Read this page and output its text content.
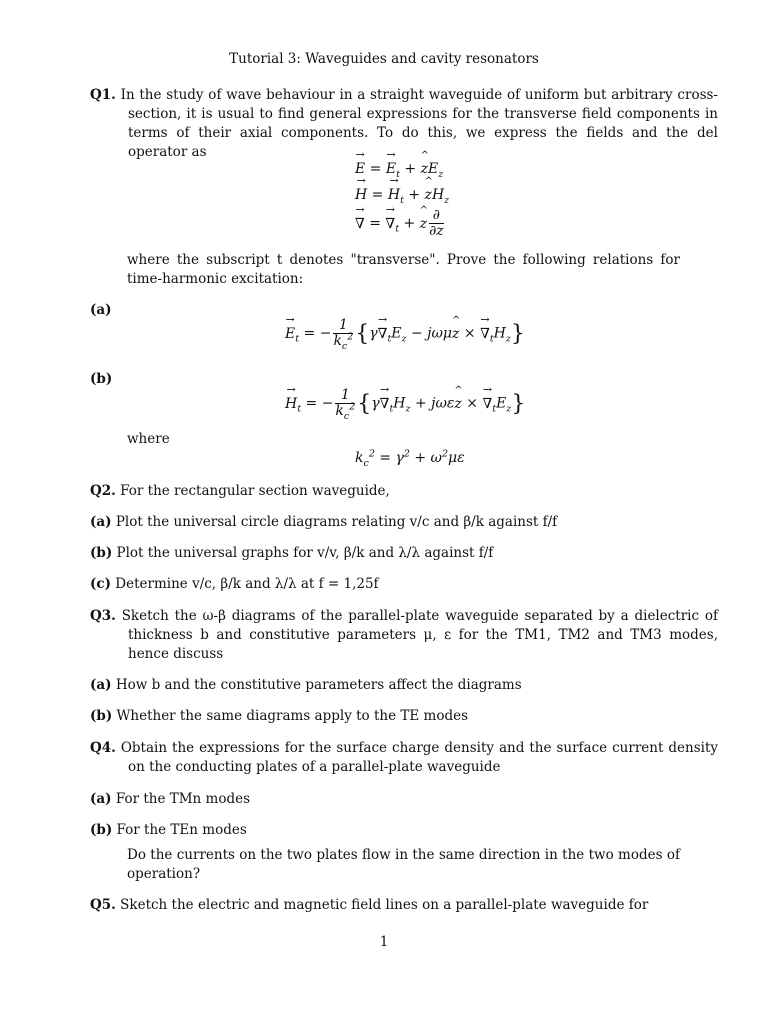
Tutorial 3: Waveguides and cavity resonators
Q1. In the study of wave behaviour in a straight waveguide of uniform but arbitrary cross-section, it is usual to find general expressions for the transverse field components in terms of their axial components. To do this, we express the fields and the del operator as
→ E = → $E_t$ + ^ $zE_z$
→ H = → $H_t$ + ^ $zH_z$
→ ∇ = → $\nabla_t$ + ^ z $\frac{\partial}{\partial z}$
where the subscript t denotes "transverse". Prove the following relations for time-harmonic excitation:
(a)
→ $E_t$ = − $\frac{1}{k_c^2} \{\gamma\to \nabla_tE_z$ − jωμ^ z × → $\nabla_tH_z$}
(b)
→ $H_t$ = − $\frac{1}{k_c^2} \{\gamma\to \nabla_tH_z$ + jωε^ z × → $\nabla_tE_z$}
where
$k_c^2 = \gamma^2 + \omega^2\mu\varepsilon$
Q2. For the rectangular section waveguide,
(a) Plot the universal circle diagrams relating v/c and β/k against f/f
(b) Plot the universal graphs for v/v, β/k and λ/λ against f/f
(c) Determine v/c, β/k and λ/λ at f = 1,25f
Q3. Sketch the ω-β diagrams of the parallel-plate waveguide separated by a dielectric of thickness b and constitutive parameters μ, ε for the TM1, TM2 and TM3 modes, hence discuss
(a) How b and the constitutive parameters affect the diagrams
(b) Whether the same diagrams apply to the TE modes
Q4. Obtain the expressions for the surface charge density and the surface current density on the conducting plates of a parallel-plate waveguide
(a) For the TMn modes
(b) For the TEn modes
Do the currents on the two plates flow in the same direction in the two modes of operation?
Q5. Sketch the electric and magnetic field lines on a parallel-plate waveguide for
1
